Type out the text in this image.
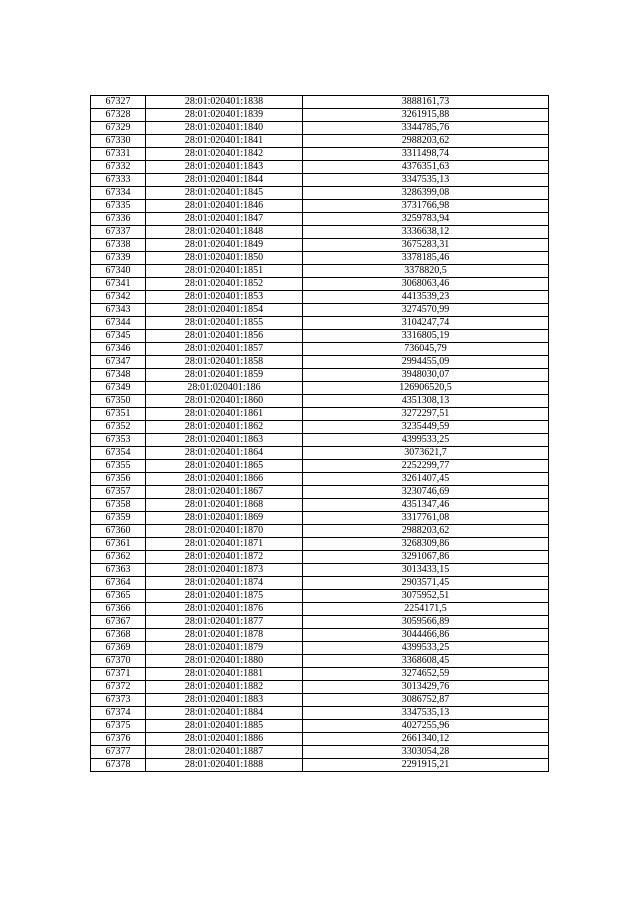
67327	28:01:020401:1838	3888161,73
67328	28:01:020401:1839	3261915,88
67329	28:01:020401:1840	3344785,76
67330	28:01:020401:1841	2988203,62
67331	28:01:020401:1842	3311498,74
67332	28:01:020401:1843	4376351,63
67333	28:01:020401:1844	3347535,13
67334	28:01:020401:1845	3286399,08
67335	28:01:020401:1846	3731766,98
67336	28:01:020401:1847	3259783,94
67337	28:01:020401:1848	3336638,12
67338	28:01:020401:1849	3675283,31
67339	28:01:020401:1850	3378185,46
67340	28:01:020401:1851	3378820,5
67341	28:01:020401:1852	3068063,46
67342	28:01:020401:1853	4413539,23
67343	28:01:020401:1854	3274570,99
67344	28:01:020401:1855	3104247,74
67345	28:01:020401:1856	3316805,19
67346	28:01:020401:1857	736045,79
67347	28:01:020401:1858	2994455,09
67348	28:01:020401:1859	3948030,07
67349	28:01:020401:186	126906520,5
67350	28:01:020401:1860	4351308,13
67351	28:01:020401:1861	3272297,51
67352	28:01:020401:1862	3235449,59
67353	28:01:020401:1863	4399533,25
67354	28:01:020401:1864	3073621,7
67355	28:01:020401:1865	2252299,77
67356	28:01:020401:1866	3261407,45
67357	28:01:020401:1867	3230746,69
67358	28:01:020401:1868	4351347,46
67359	28:01:020401:1869	3317761,08
67360	28:01:020401:1870	2988203,62
67361	28:01:020401:1871	3268309,86
67362	28:01:020401:1872	3291067,86
67363	28:01:020401:1873	3013433,15
67364	28:01:020401:1874	2903571,45
67365	28:01:020401:1875	3075952,51
67366	28:01:020401:1876	2254171,5
67367	28:01:020401:1877	3059566,89
67368	28:01:020401:1878	3044466,86
67369	28:01:020401:1879	4399533,25
67370	28:01:020401:1880	3368608,45
67371	28:01:020401:1881	3274652,59
67372	28:01:020401:1882	3013429,76
67373	28:01:020401:1883	3086752,87
67374	28:01:020401:1884	3347535,13
67375	28:01:020401:1885	4027255,96
67376	28:01:020401:1886	2661340,12
67377	28:01:020401:1887	3303054,28
67378	28:01:020401:1888	2291915,21
